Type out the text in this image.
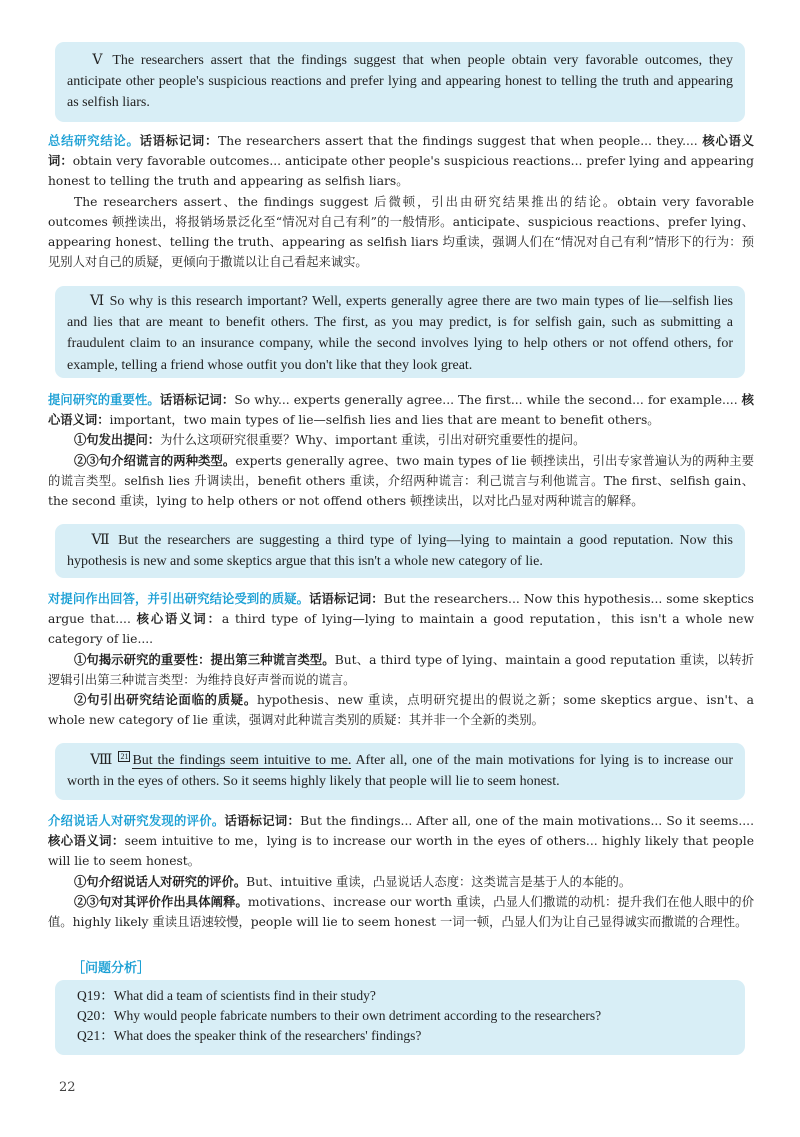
Ⅴ The researchers assert that the findings suggest that when people obtain very favorable outcomes, they anticipate other people's suspicious reactions and prefer lying and appearing honest to telling the truth and appearing as selfish liars.

总结研究结论。话语标记词：The researchers assert that the findings suggest that when people... they.... 核心语义词：obtain very favorable outcomes... anticipate other people's suspicious reactions... prefer lying and appearing honest to telling the truth and appearing as selfish liars。

The researchers assert、the findings suggest 后微顿，引出由研究结果推出的结论。obtain very favorable outcomes 顿挫读出，将报销场景泛化至“情况对自己有利”的一般情形。anticipate、suspicious reactions、prefer lying、appearing honest、telling the truth、appearing as selfish liars 均重读，强调人们在“情况对自己有利”情形下的行为：预见别人对自己的质疑，更倾向于撒谎以让自己看起来诚实。

Ⅵ So why is this research important? Well, experts generally agree there are two main types of lie—selfish lies and lies that are meant to benefit others. The first, as you may predict, is for selfish gain, such as submitting a fraudulent claim to an insurance company, while the second involves lying to help others or not offend others, for example, telling a friend whose outfit you don't like that they look great.

提问研究的重要性。话语标记词：So why... experts generally agree... The first... while the second... for example.... 核心语义词：important，two main types of lie—selfish lies and lies that are meant to benefit others。

①句发出提问：为什么这项研究很重要？Why、important 重读，引出对研究重要性的提问。

②③句介绍谎言的两种类型。experts generally agree、two main types of lie 顿挫读出，引出专家普遍认为的两种主要的谎言类型。selfish lies 升调读出，benefit others 重读，介绍两种谎言：利己谎言与利他谎言。The first、selfish gain、the second 重读，lying to help others or not offend others 顿挫读出，以对比凸显对两种谎言的解释。

Ⅶ But the researchers are suggesting a third type of lying—lying to maintain a good reputation. Now this hypothesis is new and some skeptics argue that this isn't a whole new category of lie.

对提问作出回答，并引出研究结论受到的质疑。话语标记词：But the researchers... Now this hypothesis... some skeptics argue that.... 核心语义词：a third type of lying—lying to maintain a good reputation，this isn't a whole new category of lie....

①句揭示研究的重要性：提出第三种谎言类型。But、a third type of lying、maintain a good reputation 重读，以转折逻辑引出第三种谎言类型：为维持良好声誉而说的谎言。

②句引出研究结论面临的质疑。hypothesis、new 重读，点明研究提出的假说之新；some skeptics argue、isn't、a whole new category of lie 重读，强调对此种谎言类别的质疑：其并非一个全新的类别。

Ⅷ 21 But the findings seem intuitive to me. After all, one of the main motivations for lying is to increase our worth in the eyes of others. So it seems highly likely that people will lie to seem honest.

介绍说话人对研究发现的评价。话语标记词：But the findings... After all, one of the main motivations... So it seems.... 核心语义词：seem intuitive to me，lying is to increase our worth in the eyes of others... highly likely that people will lie to seem honest。

①句介绍说话人对研究的评价。But、intuitive 重读，凸显说话人态度：这类谎言是基于人的本能的。

②③句对其评价作出具体阐释。motivations、increase our worth 重读，凸显人们撒谎的动机：提升我们在他人眼中的价值。highly likely 重读且语速较慢，people will lie to seem honest 一词一顿，凸显人们为让自己显得诚实而撒谎的合理性。

［问题分析］
Q19：What did a team of scientists find in their study?
Q20：Why would people fabricate numbers to their own detriment according to the researchers?
Q21：What does the speaker think of the researchers' findings?
22
